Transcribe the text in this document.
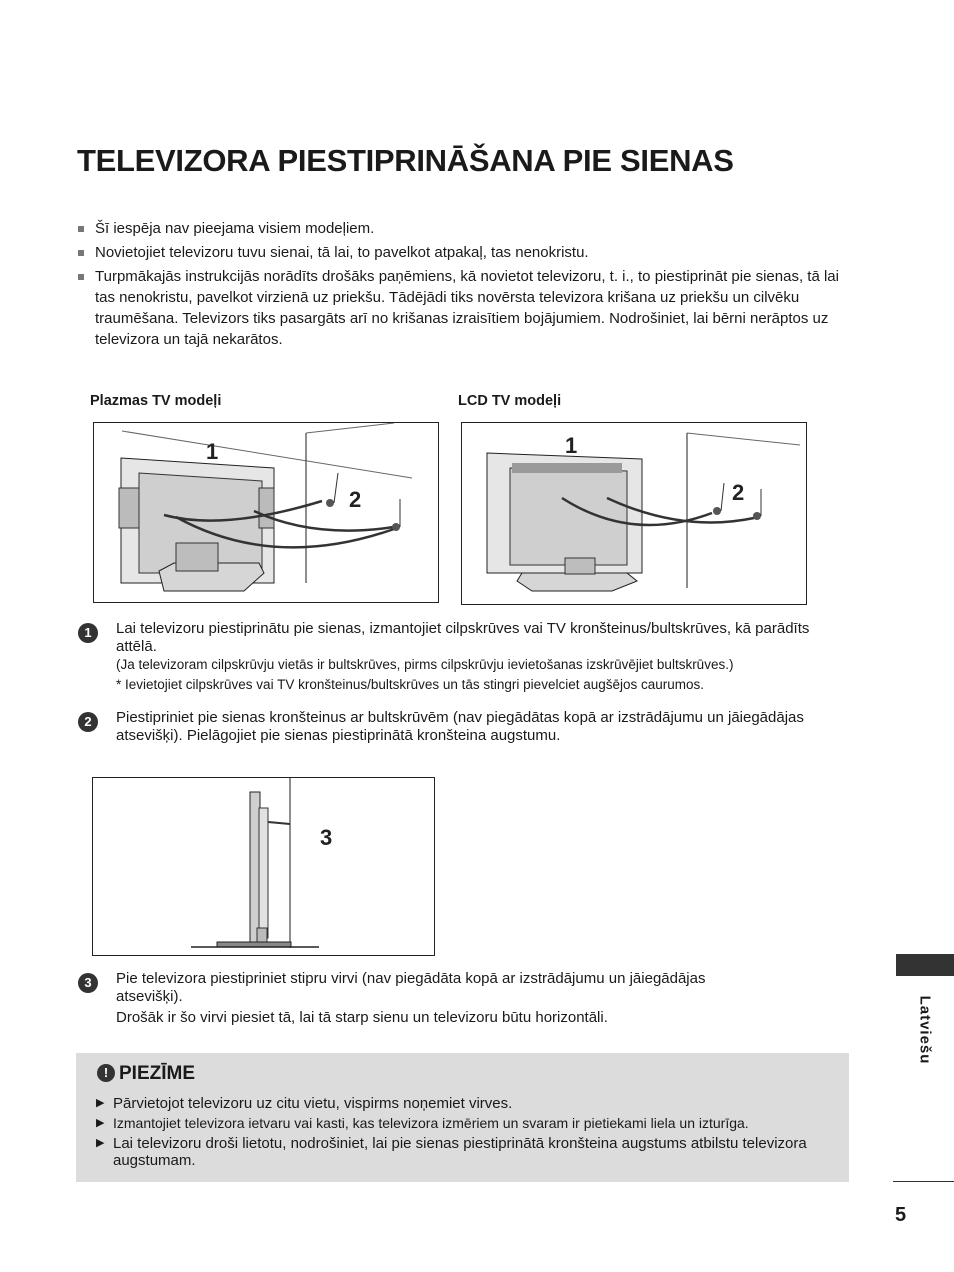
TELEVIZORA PIESTIPRINĀŠANA PIE SIENAS
Šī iespēja nav pieejama visiem modeļiem.
Novietojiet televizoru tuvu sienai, tā lai, to pavelkot atpakaļ, tas nenokristu.
Turpmākajās instrukcijās norādīts drošāks paņēmiens, kā novietot televizoru, t. i., to piestiprināt pie sienas, tā lai tas nenokristu, pavelkot virzienā uz priekšu. Tādējādi tiks novērsta televizora krišana uz priekšu un cilvēku traumēšana. Televizors tiks pasargāts arī no krišanas izraisītiem bojājumiem. Nodrošiniet, lai bērni nerāptos uz televizora un tajā nekarātos.
Plazmas TV modeļi	LCD TV modeļi
1
2
1
2
1	Lai televizoru piestiprinātu pie sienas, izmantojiet cilpskrūves vai TV kronšteinus/bultskrūves, kā parādīts attēlā.
(Ja televizoram cilpskrūvju vietās ir bultskrūves, pirms cilpskrūvju ievietošanas izskrūvējiet bultskrūves.)
* Ievietojiet cilpskrūves vai TV kronšteinus/bultskrūves un tās stingri pievelciet augšējos caurumos.
2	Piestipriniet pie sienas kronšteinus ar bultskrūvēm (nav piegādātas kopā ar izstrādājumu un jāiegādājas atsevišķi). Pielāgojiet pie sienas piestiprinātā kronšteina augstumu.
3
3	Pie televizora piestipriniet stipru virvi (nav piegādāta kopā ar izstrādājumu un jāiegādājas atsevišķi).
Drošāk ir šo virvi piesiet tā, lai tā starp sienu un televizoru būtu horizontāli.
! PIEZĪME
▶ Pārvietojot televizoru uz citu vietu, vispirms noņemiet virves.
▶ Izmantojiet televizora ietvaru vai kasti, kas televizora izmēriem un svaram ir pietiekami liela un izturīga.
▶ Lai televizoru droši lietotu, nodrošiniet, lai pie sienas piestiprinātā kronšteina augstums atbilstu televizora augstumam.
Latviešu
5
